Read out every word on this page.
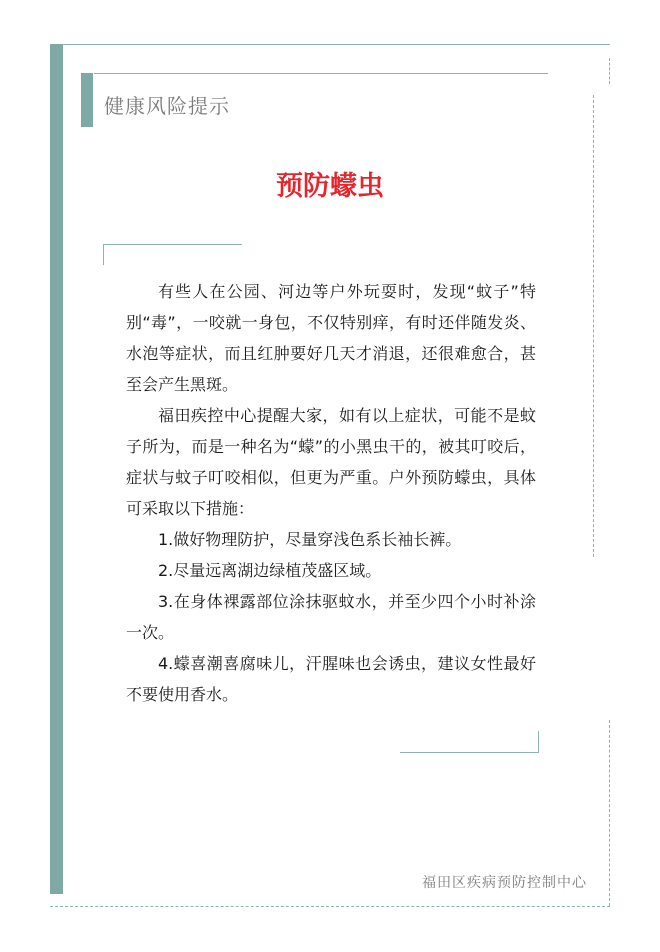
健康风险提示
预防蠓虫

有些人在公园、河边等户外玩耍时，发现“蚊子”特别“毒”，一咬就一身包，不仅特别痒，有时还伴随发炎、水泡等症状，而且红肿要好几天才消退，还很难愈合，甚至会产生黑斑。

福田疾控中心提醒大家，如有以上症状，可能不是蚊子所为，而是一种名为“蠓”的小黑虫干的，被其叮咬后，症状与蚊子叮咬相似，但更为严重。户外预防蠓虫，具体可采取以下措施：

1.做好物理防护，尽量穿浅色系长袖长裤。

2.尽量远离湖边绿植茂盛区域。

3.在身体裸露部位涂抹驱蚊水，并至少四个小时补涂一次。

4.蠓喜潮喜腐味儿，汗腥味也会诱虫，建议女性最好不要使用香水。

福田区疾病预防控制中心
